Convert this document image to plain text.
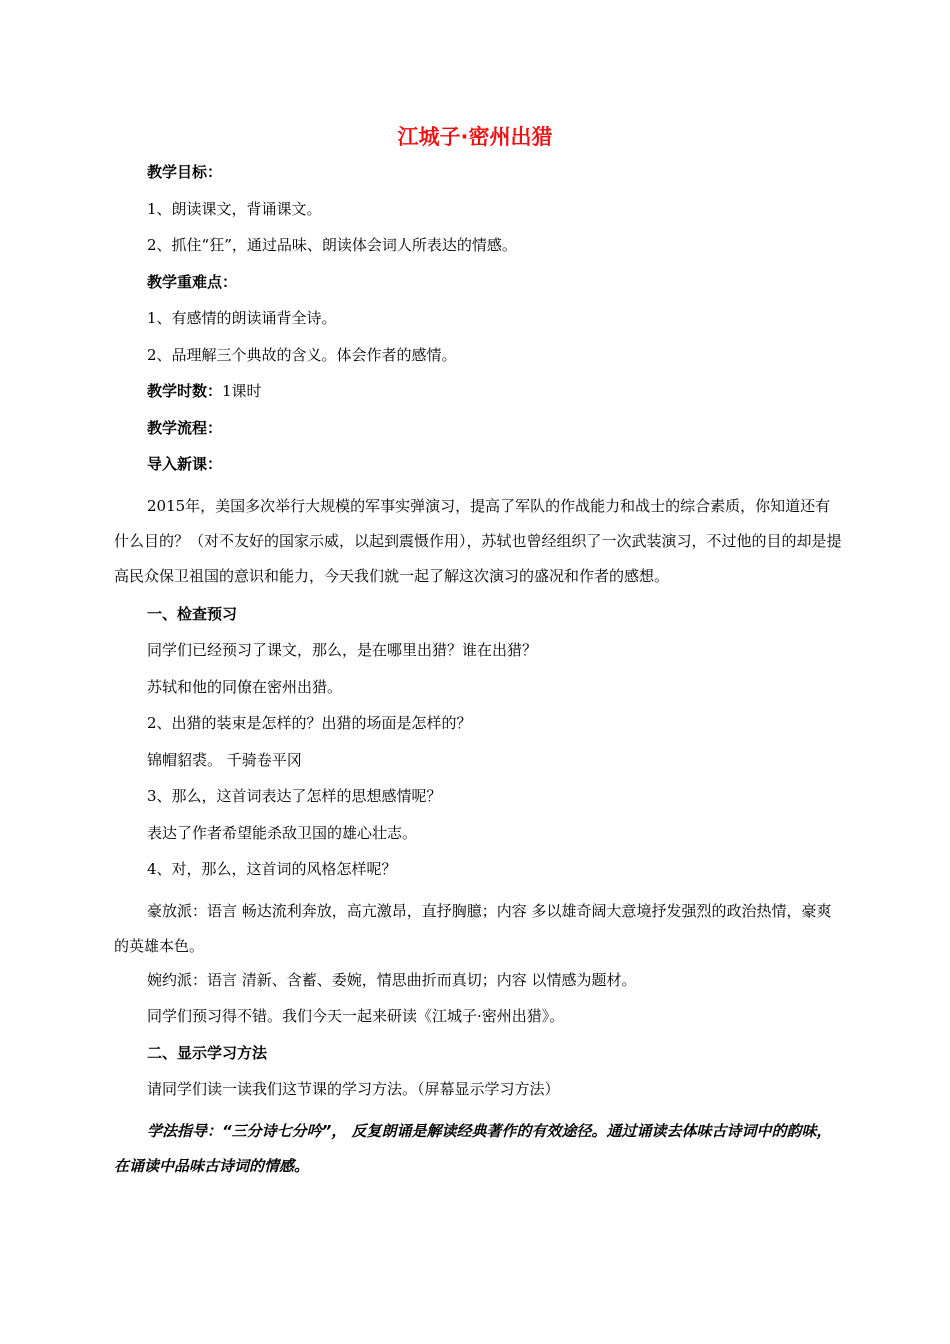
江城子·密州出猎

教学目标：

1、朗读课文，背诵课文。

2、抓住“狂”，通过品味、朗读体会词人所表达的情感。

教学重难点：

1、有感情的朗读诵背全诗。

2、品理解三个典故的含义。体会作者的感情。

教学时数：1课时

教学流程：

导入新课：

2015年，美国多次举行大规模的军事实弹演习，提高了军队的作战能力和战士的综合素质，你知道还有什么目的？（对不友好的国家示威，以起到震慑作用），苏轼也曾经组织了一次武装演习，不过他的目的却是提高民众保卫祖国的意识和能力，今天我们就一起了解这次演习的盛况和作者的感想。

一、检查预习

同学们已经预习了课文，那么，是在哪里出猎？谁在出猎？

苏轼和他的同僚在密州出猎。

2、出猎的装束是怎样的？出猎的场面是怎样的？

锦帽貂裘。 千骑卷平冈

3、那么，这首词表达了怎样的思想感情呢？

表达了作者希望能杀敌卫国的雄心壮志。

4、对，那么，这首词的风格怎样呢？

豪放派：语言 畅达流利奔放，高亢激昂，直抒胸臆；内容 多以雄奇阔大意境抒发强烈的政治热情，豪爽的英雄本色。

婉约派：语言 清新、含蓄、委婉，情思曲折而真切；内容 以情感为题材。

同学们预习得不错。我们今天一起来研读《江城子·密州出猎》。

二、显示学习方法

请同学们读一读我们这节课的学习方法。（屏幕显示学习方法）

学法指导：“三分诗七分吟”， 反复朗诵是解读经典著作的有效途径。通过诵读去体味古诗词中的韵味，在诵读中品味古诗词的情感。
